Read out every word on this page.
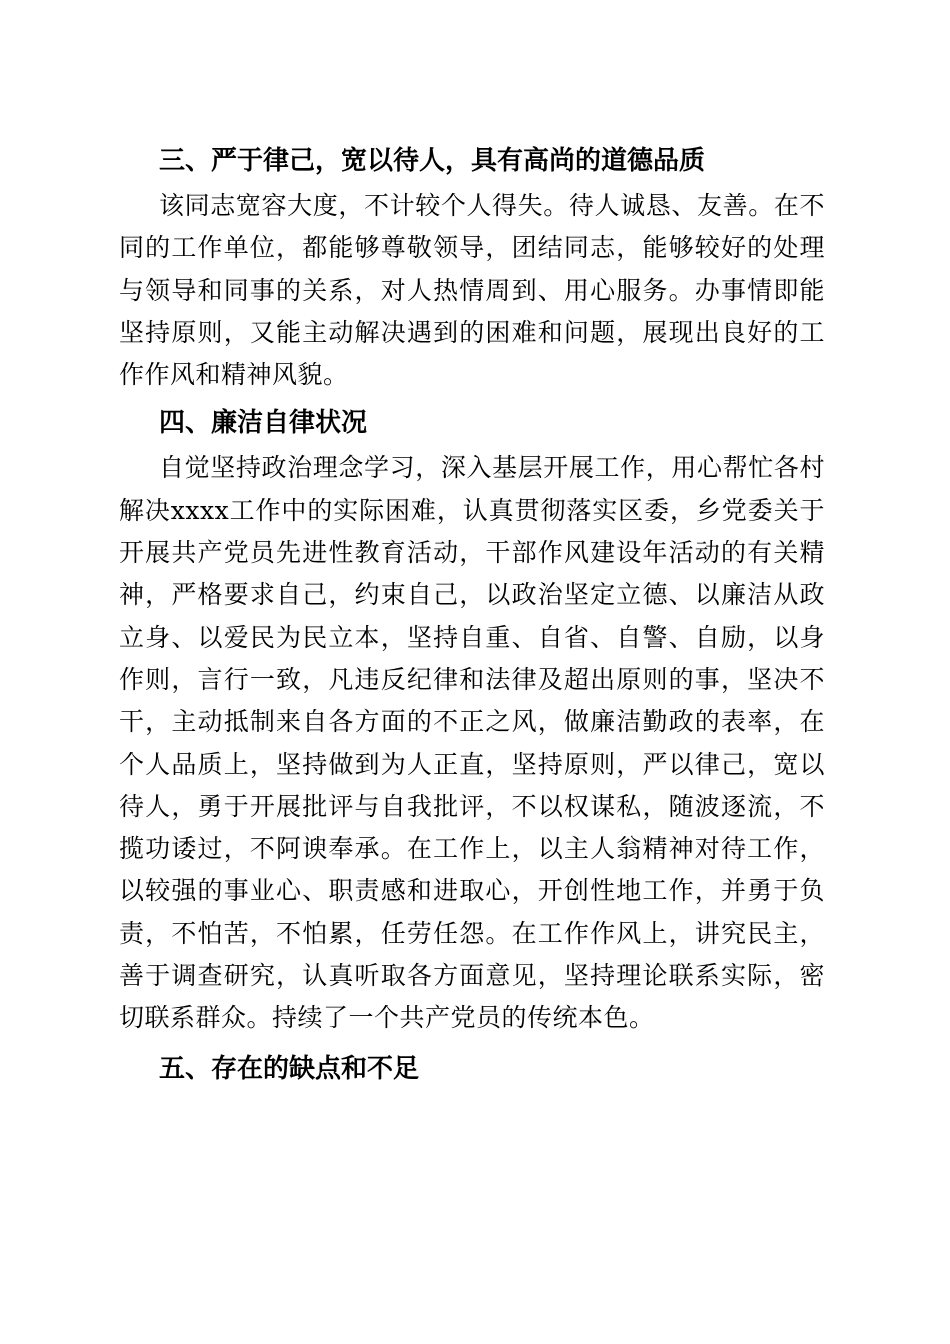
三、严于律己，宽以待人，具有高尚的道德品质

该同志宽容大度，不计较个人得失。待人诚恳、友善。在不同的工作单位，都能够尊敬领导，团结同志，能够较好的处理与领导和同事的关系，对人热情周到、用心服务。办事情即能坚持原则，又能主动解决遇到的困难和问题，展现出良好的工作作风和精神风貌。

四、廉洁自律状况

自觉坚持政治理念学习，深入基层开展工作，用心帮忙各村解决xxxx工作中的实际困难，认真贯彻落实区委，乡党委关于开展共产党员先进性教育活动，干部作风建设年活动的有关精神，严格要求自己，约束自己，以政治坚定立德、以廉洁从政立身、以爱民为民立本，坚持自重、自省、自警、自励，以身作则，言行一致，凡违反纪律和法律及超出原则的事，坚决不干，主动抵制来自各方面的不正之风，做廉洁勤政的表率，在个人品质上，坚持做到为人正直，坚持原则，严以律己，宽以待人，勇于开展批评与自我批评，不以权谋私，随波逐流，不揽功诿过，不阿谀奉承。在工作上，以主人翁精神对待工作，以较强的事业心、职责感和进取心，开创性地工作，并勇于负责，不怕苦，不怕累，任劳任怨。在工作作风上，讲究民主，善于调查研究，认真听取各方面意见，坚持理论联系实际，密切联系群众。持续了一个共产党员的传统本色。

五、存在的缺点和不足
